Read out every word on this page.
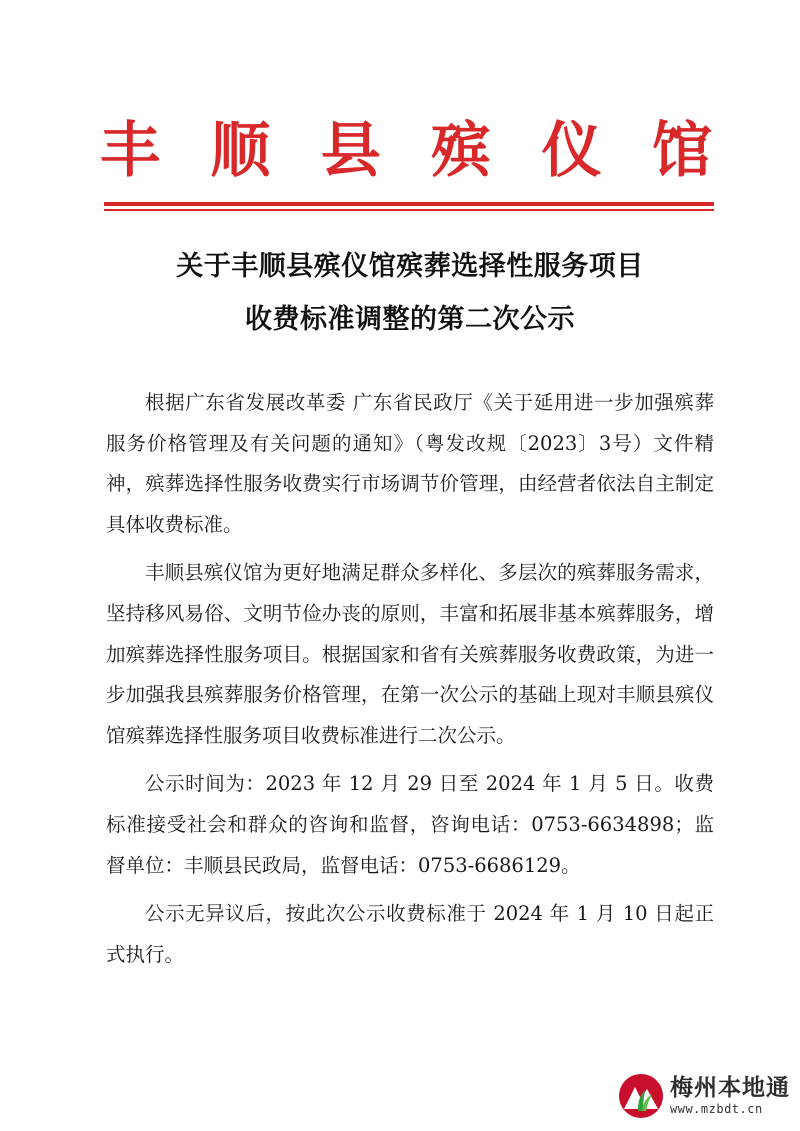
丰 顺 县 殡 仪 馆
关于丰顺县殡仪馆殡葬选择性服务项目
收费标准调整的第二次公示

根据广东省发展改革委 广东省民政厅《关于延用进一步加强殡葬服务价格管理及有关问题的通知》（粤发改规〔2023〕3号）文件精神，殡葬选择性服务收费实行市场调节价管理，由经营者依法自主制定具体收费标准。

丰顺县殡仪馆为更好地满足群众多样化、多层次的殡葬服务需求，坚持移风易俗、文明节俭办丧的原则，丰富和拓展非基本殡葬服务，增加殡葬选择性服务项目。根据国家和省有关殡葬服务收费政策，为进一步加强我县殡葬服务价格管理，在第一次公示的基础上现对丰顺县殡仪馆殡葬选择性服务项目收费标准进行二次公示。

公示时间为：2023 年 12 月 29 日至 2024 年 1 月 5 日。收费标准接受社会和群众的咨询和监督，咨询电话：0753-6634898；监督单位：丰顺县民政局，监督电话：0753-6686129。

公示无异议后，按此次公示收费标准于 2024 年 1 月 10 日起正式执行。

梅州本地通
www.mzbdt.cn
